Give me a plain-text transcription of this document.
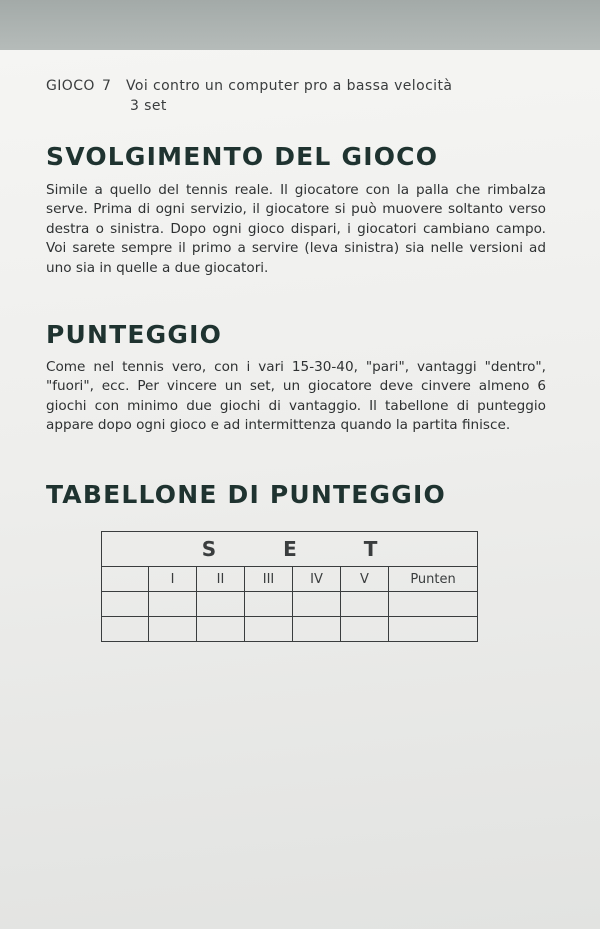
GIOCO 7 Voi contro un computer pro a bassa velocità
3 set
SVOLGIMENTO DEL GIOCO

Simile a quello del tennis reale. Il giocatore con la palla che rimbalza serve. Prima di ogni servizio, il giocatore si può muovere soltanto verso destra o sinistra. Dopo ogni gioco dispari, i giocatori cambiano campo. Voi sarete sempre il primo a servire (leva sinistra) sia nelle versioni ad uno sia in quelle a due giocatori.

PUNTEGGIO

Come nel tennis vero, con i vari 15-30-40, "pari", vantaggi "dentro", "fuori", ecc. Per vincere un set, un giocatore deve cinvere almeno 6 giochi con minimo due giochi di vantaggio. Il tabellone di punteggio appare dopo ogni gioco e ad intermittenza quando la partita finisce.

TABELLONE DI PUNTEGGIO
S E T						
	I	II	III	IV	V	Punten
